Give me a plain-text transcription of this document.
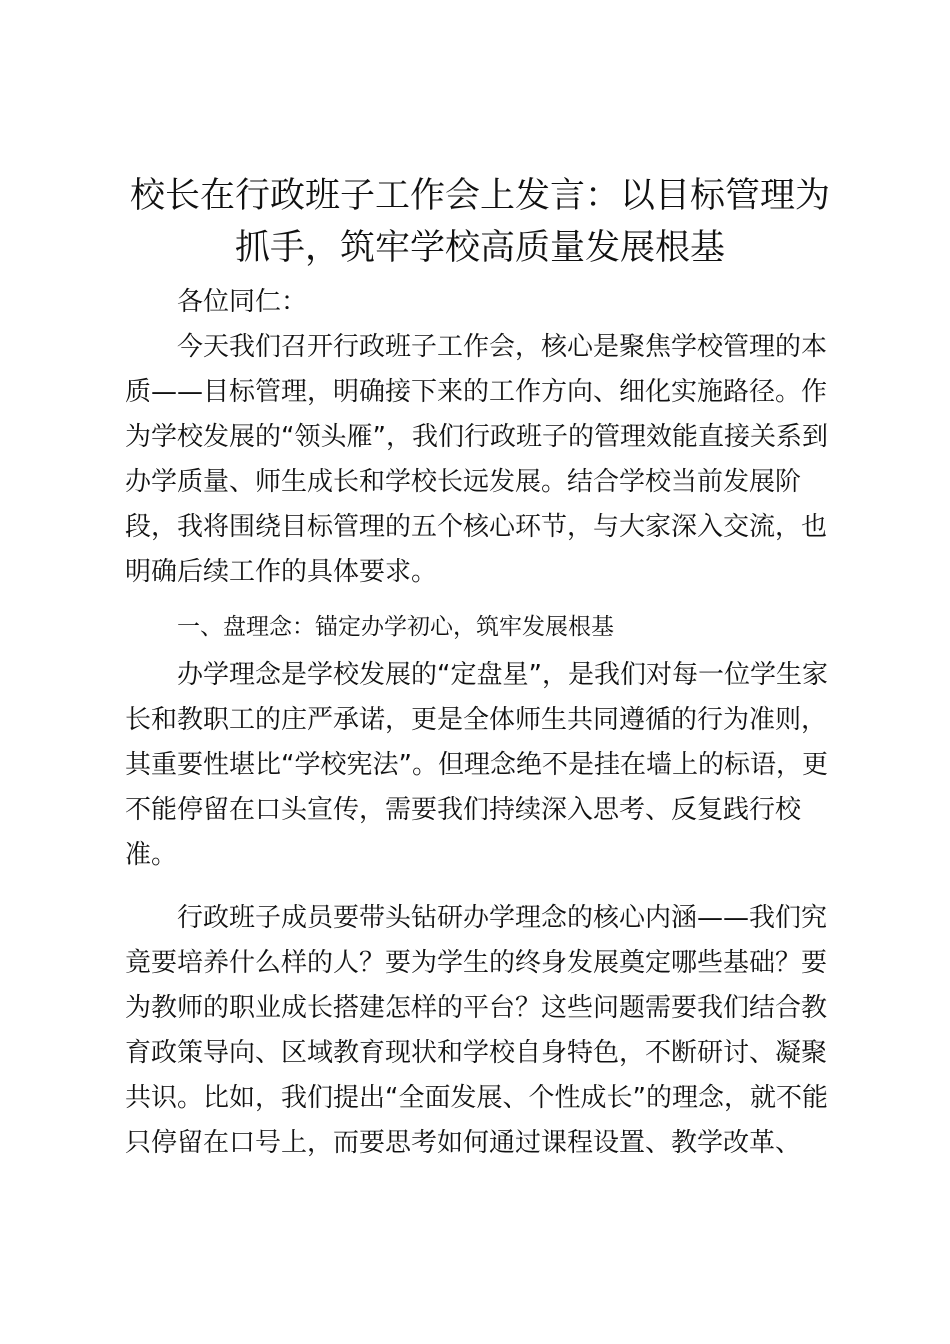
校长在行政班子工作会上发言：以目标管理为
抓手，筑牢学校高质量发展根基

各位同仁：

今天我们召开行政班子工作会，核心是聚焦学校管理的本质——目标管理，明确接下来的工作方向、细化实施路径。作为学校发展的“领头雁”，我们行政班子的管理效能直接关系到办学质量、师生成长和学校长远发展。结合学校当前发展阶段，我将围绕目标管理的五个核心环节，与大家深入交流，也明确后续工作的具体要求。

一、盘理念：锚定办学初心，筑牢发展根基

办学理念是学校发展的“定盘星”，是我们对每一位学生家长和教职工的庄严承诺，更是全体师生共同遵循的行为准则，其重要性堪比“学校宪法”。但理念绝不是挂在墙上的标语，更不能停留在口头宣传，需要我们持续深入思考、反复践行校准。

行政班子成员要带头钻研办学理念的核心内涵——我们究竟要培养什么样的人？要为学生的终身发展奠定哪些基础？要为教师的职业成长搭建怎样的平台？这些问题需要我们结合教育政策导向、区域教育现状和学校自身特色，不断研讨、凝聚共识。比如，我们提出“全面发展、个性成长”的理念，就不能只停留在口号上，而要思考如何通过课程设置、教学改革、
